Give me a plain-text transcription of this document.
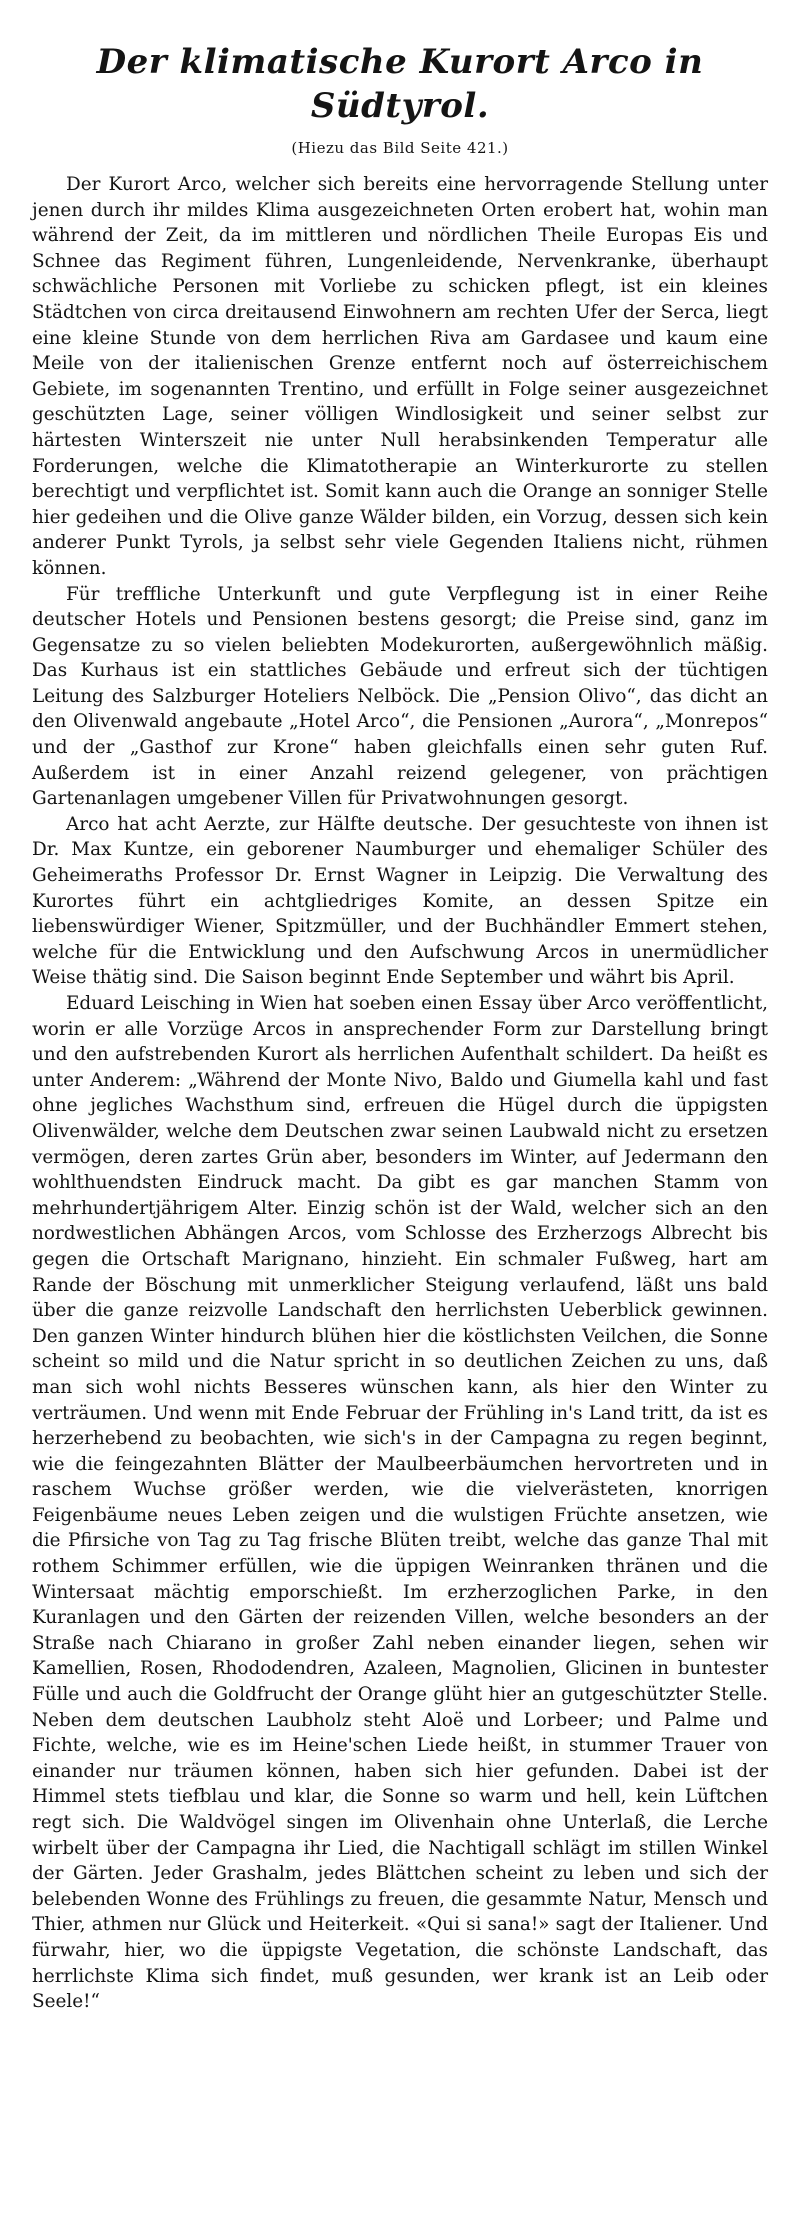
Der klimatische Kurort Arco in Südtyrol.
(Hiezu das Bild Seite 421.)

Der Kurort Arco, welcher sich bereits eine hervorragende Stellung unter jenen durch ihr mildes Klima ausgezeichneten Orten erobert hat, wohin man während der Zeit, da im mittleren und nördlichen Theile Europas Eis und Schnee das Regiment führen, Lungenleidende, Nervenkranke, überhaupt schwächliche Personen mit Vorliebe zu schicken pflegt, ist ein kleines Städtchen von circa dreitausend Einwohnern am rechten Ufer der Serca, liegt eine kleine Stunde von dem herrlichen Riva am Gardasee und kaum eine Meile von der italienischen Grenze entfernt noch auf österreichischem Gebiete, im sogenannten Trentino, und erfüllt in Folge seiner ausgezeichnet geschützten Lage, seiner völligen Windlosigkeit und seiner selbst zur härtesten Winterszeit nie unter Null herabsinkenden Temperatur alle Forderungen, welche die Klimatotherapie an Winterkurorte zu stellen berechtigt und verpflichtet ist. Somit kann auch die Orange an sonniger Stelle hier gedeihen und die Olive ganze Wälder bilden, ein Vorzug, dessen sich kein anderer Punkt Tyrols, ja selbst sehr viele Gegenden Italiens nicht, rühmen können.

Für treffliche Unterkunft und gute Verpflegung ist in einer Reihe deutscher Hotels und Pensionen bestens gesorgt; die Preise sind, ganz im Gegensatze zu so vielen beliebten Modekurorten, außergewöhnlich mäßig. Das Kurhaus ist ein stattliches Gebäude und erfreut sich der tüchtigen Leitung des Salzburger Hoteliers Nelböck. Die „Pension Olivo“, das dicht an den Olivenwald angebaute „Hotel Arco“, die Pensionen „Aurora“, „Monrepos“ und der „Gasthof zur Krone“ haben gleichfalls einen sehr guten Ruf. Außerdem ist in einer Anzahl reizend gelegener, von prächtigen Gartenanlagen umgebener Villen für Privatwohnungen gesorgt.

Arco hat acht Aerzte, zur Hälfte deutsche. Der gesuchteste von ihnen ist Dr. Max Kuntze, ein geborener Naumburger und ehemaliger Schüler des Geheimeraths Professor Dr. Ernst Wagner in Leipzig. Die Verwaltung des Kurortes führt ein achtgliedriges Komite, an dessen Spitze ein liebenswürdiger Wiener, Spitzmüller, und der Buchhändler Emmert stehen, welche für die Entwicklung und den Aufschwung Arcos in unermüdlicher Weise thätig sind. Die Saison beginnt Ende September und währt bis April.

Eduard Leisching in Wien hat soeben einen Essay über Arco veröffentlicht, worin er alle Vorzüge Arcos in ansprechender Form zur Darstellung bringt und den aufstrebenden Kurort als herrlichen Aufenthalt schildert. Da heißt es unter Anderem: „Während der Monte Nivo, Baldo und Giumella kahl und fast ohne jegliches Wachsthum sind, erfreuen die Hügel durch die üppigsten Olivenwälder, welche dem Deutschen zwar seinen Laubwald nicht zu ersetzen vermögen, deren zartes Grün aber, besonders im Winter, auf Jedermann den wohlthuendsten Eindruck macht. Da gibt es gar manchen Stamm von mehrhundertjährigem Alter. Einzig schön ist der Wald, welcher sich an den nordwestlichen Abhängen Arcos, vom Schlosse des Erzherzogs Albrecht bis gegen die Ortschaft Marignano, hinzieht. Ein schmaler Fußweg, hart am Rande der Böschung mit unmerklicher Steigung verlaufend, läßt uns bald über die ganze reizvolle Landschaft den herrlichsten Ueberblick gewinnen. Den ganzen Winter hindurch blühen hier die köstlichsten Veilchen, die Sonne scheint so mild und die Natur spricht in so deutlichen Zeichen zu uns, daß man sich wohl nichts Besseres wünschen kann, als hier den Winter zu verträumen. Und wenn mit Ende Februar der Frühling in's Land tritt, da ist es herzerhebend zu beobachten, wie sich's in der Campagna zu regen beginnt, wie die feingezahnten Blätter der Maulbeerbäumchen hervortreten und in raschem Wuchse größer werden, wie die vielverästeten, knorrigen Feigenbäume neues Leben zeigen und die wulstigen Früchte ansetzen, wie die Pfirsiche von Tag zu Tag frische Blüten treibt, welche das ganze Thal mit rothem Schimmer erfüllen, wie die üppigen Weinranken thränen und die Wintersaat mächtig emporschießt. Im erzherzoglichen Parke, in den Kuranlagen und den Gärten der reizenden Villen, welche besonders an der Straße nach Chiarano in großer Zahl neben einander liegen, sehen wir Kamellien, Rosen, Rhododendren, Azaleen, Magnolien, Glicinen in buntester Fülle und auch die Goldfrucht der Orange glüht hier an gutgeschützter Stelle. Neben dem deutschen Laubholz steht Aloë und Lorbeer; und Palme und Fichte, welche, wie es im Heine'schen Liede heißt, in stummer Trauer von einander nur träumen können, haben sich hier gefunden. Dabei ist der Himmel stets tiefblau und klar, die Sonne so warm und hell, kein Lüftchen regt sich. Die Waldvögel singen im Olivenhain ohne Unterlaß, die Lerche wirbelt über der Campagna ihr Lied, die Nachtigall schlägt im stillen Winkel der Gärten. Jeder Grashalm, jedes Blättchen scheint zu leben und sich der belebenden Wonne des Frühlings zu freuen, die gesammte Natur, Mensch und Thier, athmen nur Glück und Heiterkeit. «Qui si sana!» sagt der Italiener. Und fürwahr, hier, wo die üppigste Vegetation, die schönste Landschaft, das herrlichste Klima sich findet, muß gesunden, wer krank ist an Leib oder Seele!“
